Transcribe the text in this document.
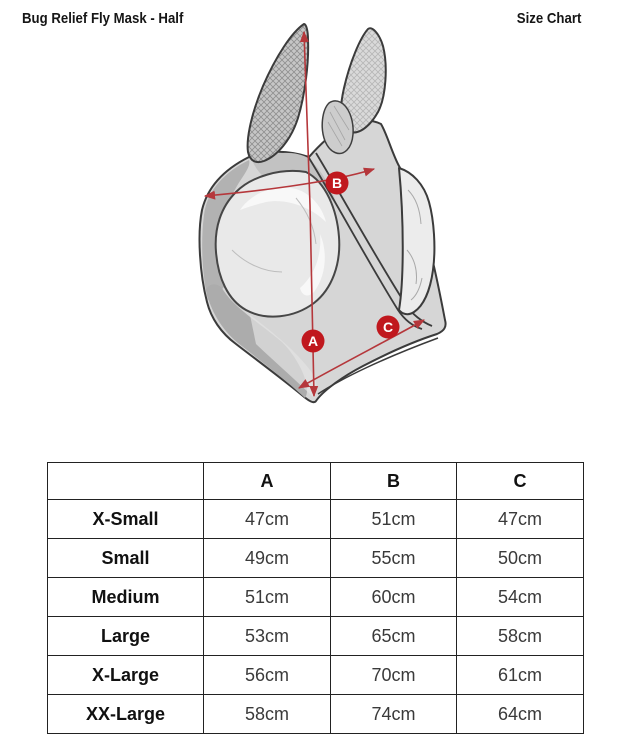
Bug Relief Fly Mask - Half	Size Chart
A
B
C
	A	B	C
X-Small	47cm	51cm	47cm
Small	49cm	55cm	50cm
Medium	51cm	60cm	54cm
Large	53cm	65cm	58cm
X-Large	56cm	70cm	61cm
XX-Large	58cm	74cm	64cm
